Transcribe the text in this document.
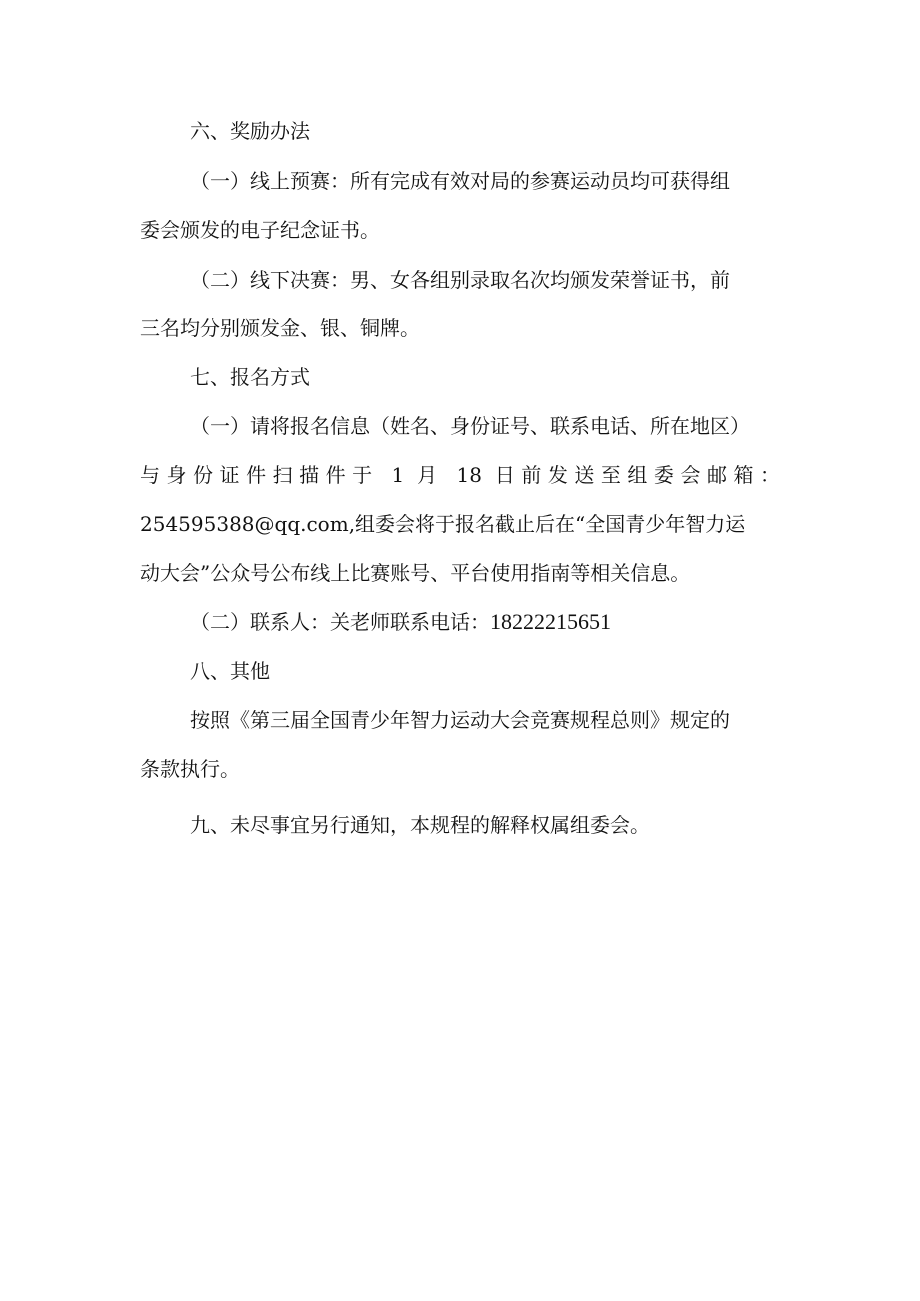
六、奖励办法
（一）线上预赛：所有完成有效对局的参赛运动员均可获得组
委会颁发的电子纪念证书。
（二）线下决赛：男、女各组别录取名次均颁发荣誉证书，前
三名均分别颁发金、银、铜牌。
七、报名方式
（一）请将报名信息（姓名、身份证号、联系电话、所在地区）
与身份证件扫描件于 1 月 18 日前发送至组委会邮箱：
254595388@qq.com,组委会将于报名截止后在“全国青少年智力运
动大会”公众号公布线上比赛账号、平台使用指南等相关信息。
（二）联系人：关老师联系电话：18222215651
八、其他
按照《第三届全国青少年智力运动大会竞赛规程总则》规定的
条款执行。
九、未尽事宜另行通知，本规程的解释权属组委会。
